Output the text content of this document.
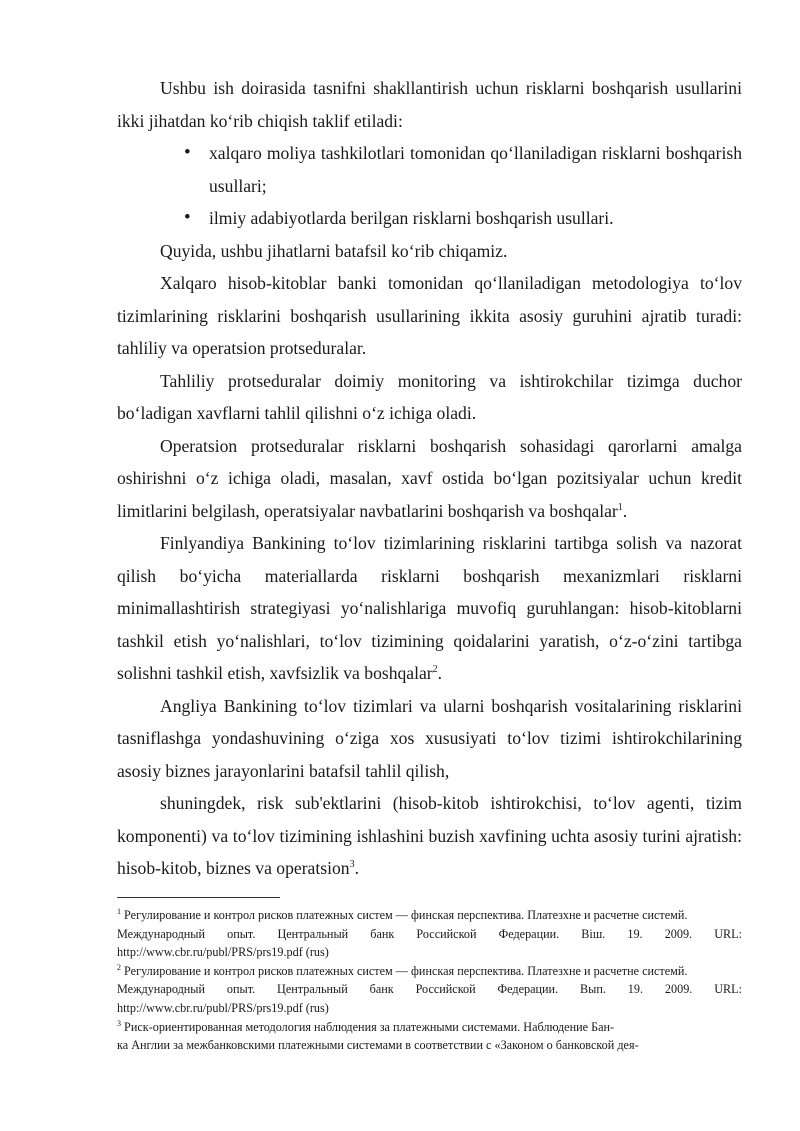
Ushbu ish doirasida tasnifni shakllantirish uchun risklarni boshqarish usullarini ikki jihatdan ko‘rib chiqish taklif etiladi:

• xalqaro moliya tashkilotlari tomonidan qo‘llaniladigan risklarni boshqarish usullari;
• ilmiy adabiyotlarda berilgan risklarni boshqarish usullari.

Quyida, ushbu jihatlarni batafsil ko‘rib chiqamiz.

Xalqaro hisob-kitoblar banki tomonidan qo‘llaniladigan metodologiya to‘lov tizimlarining risklarini boshqarish usullarining ikkita asosiy guruhini ajratib turadi: tahliliy va operatsion protseduralar.

Tahliliy protseduralar doimiy monitoring va ishtirokchilar tizimga duchor bo‘ladigan xavflarni tahlil qilishni o‘z ichiga oladi.

Operatsion protseduralar risklarni boshqarish sohasidagi qarorlarni amalga oshirishni o‘z ichiga oladi, masalan, xavf ostida bo‘lgan pozitsiyalar uchun kredit limitlarini belgilash, operatsiyalar navbatlarini boshqarish va boshqalar$^1$.

Finlyandiya Bankining to‘lov tizimlarining risklarini tartibga solish va nazorat qilish bo‘yicha materiallarda risklarni boshqarish mexanizmlari risklarni minimallashtirish strategiyasi yo‘nalishlariga muvofiq guruhlangan: hisob-kitoblarni tashkil etish yo‘nalishlari, to‘lov tizimining qoidalarini yaratish, o‘z-o‘zini tartibga solishni tashkil etish, xavfsizlik va boshqalar$^2$.

Angliya Bankining to‘lov tizimlari va ularni boshqarish vositalarining risklarini tasniflashga yondashuvining o‘ziga xos xususiyati to‘lov tizimi ishtirokchilarining asosiy biznes jarayonlarini batafsil tahlil qilish,

shuningdek, risk sub'ektlarini (hisob-kitob ishtirokchisi, to‘lov agenti, tizim komponenti) va to‘lov tizimining ishlashini buzish xavfining uchta asosiy turini ajratish: hisob-kitob, biznes va operatsion$^3$.

$^1$ Регулирование и контрол рисков платежных систем — финская перспектива. Платезхне и расчетне системй.
Международный опыт. Центральный банк Российской Федерации. Віш. 19. 2009. URL:
http://www.cbr.ru/publ/PRS/prs19.pdf (rus)
$^2$ Регулирование и контрол рисков платежных систем — финская перспектива. Платезхне и расчетне системй.
Международный опыт. Центральный банк Российской Федерации. Вып. 19. 2009. URL:
http://www.cbr.ru/publ/PRS/prs19.pdf (rus)
$^3$ Риск-ориентированная методология наблюдения за платежными системами. Наблюдение Бан-
ка Англии за межбанковскими платежными системами в соответствии с «Законом о банковской дея-
